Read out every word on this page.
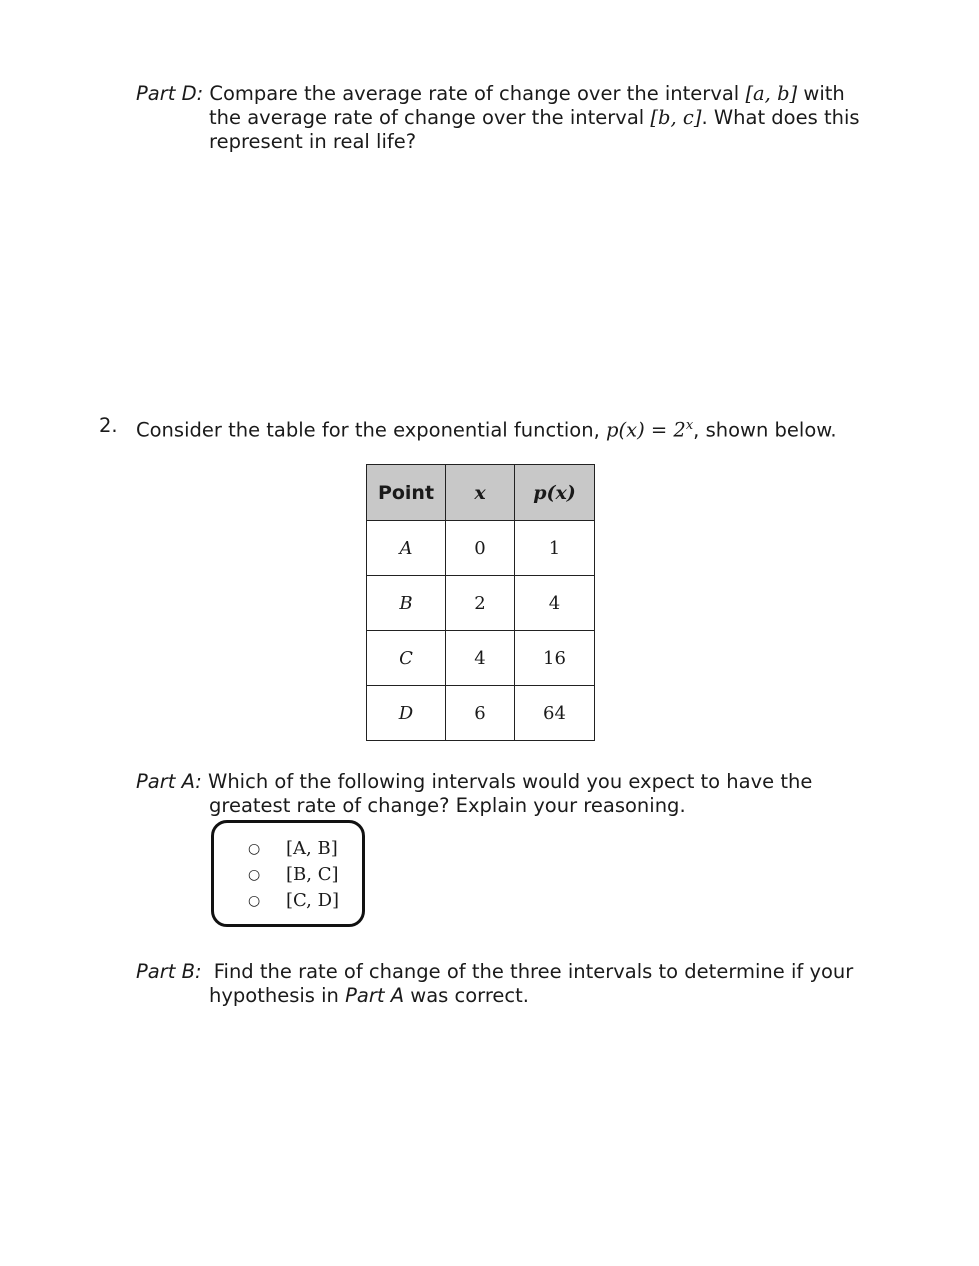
Part D: Compare the average rate of change over the interval [a, b] with
the average rate of change over the interval [b, c]. What does this
represent in real life?
2. Consider the table for the exponential function, $p(x) = 2^x$, shown below.
Point	x	p(x)
A	0	1
B	2	4
C	4	16
D	6	64
Part A: Which of the following intervals would you expect to have the
greatest rate of change? Explain your reasoning.
○ [A, B]
○ [B, C]
○ [C, D]
Part B: Find the rate of change of the three intervals to determine if your
hypothesis in Part A was correct.
